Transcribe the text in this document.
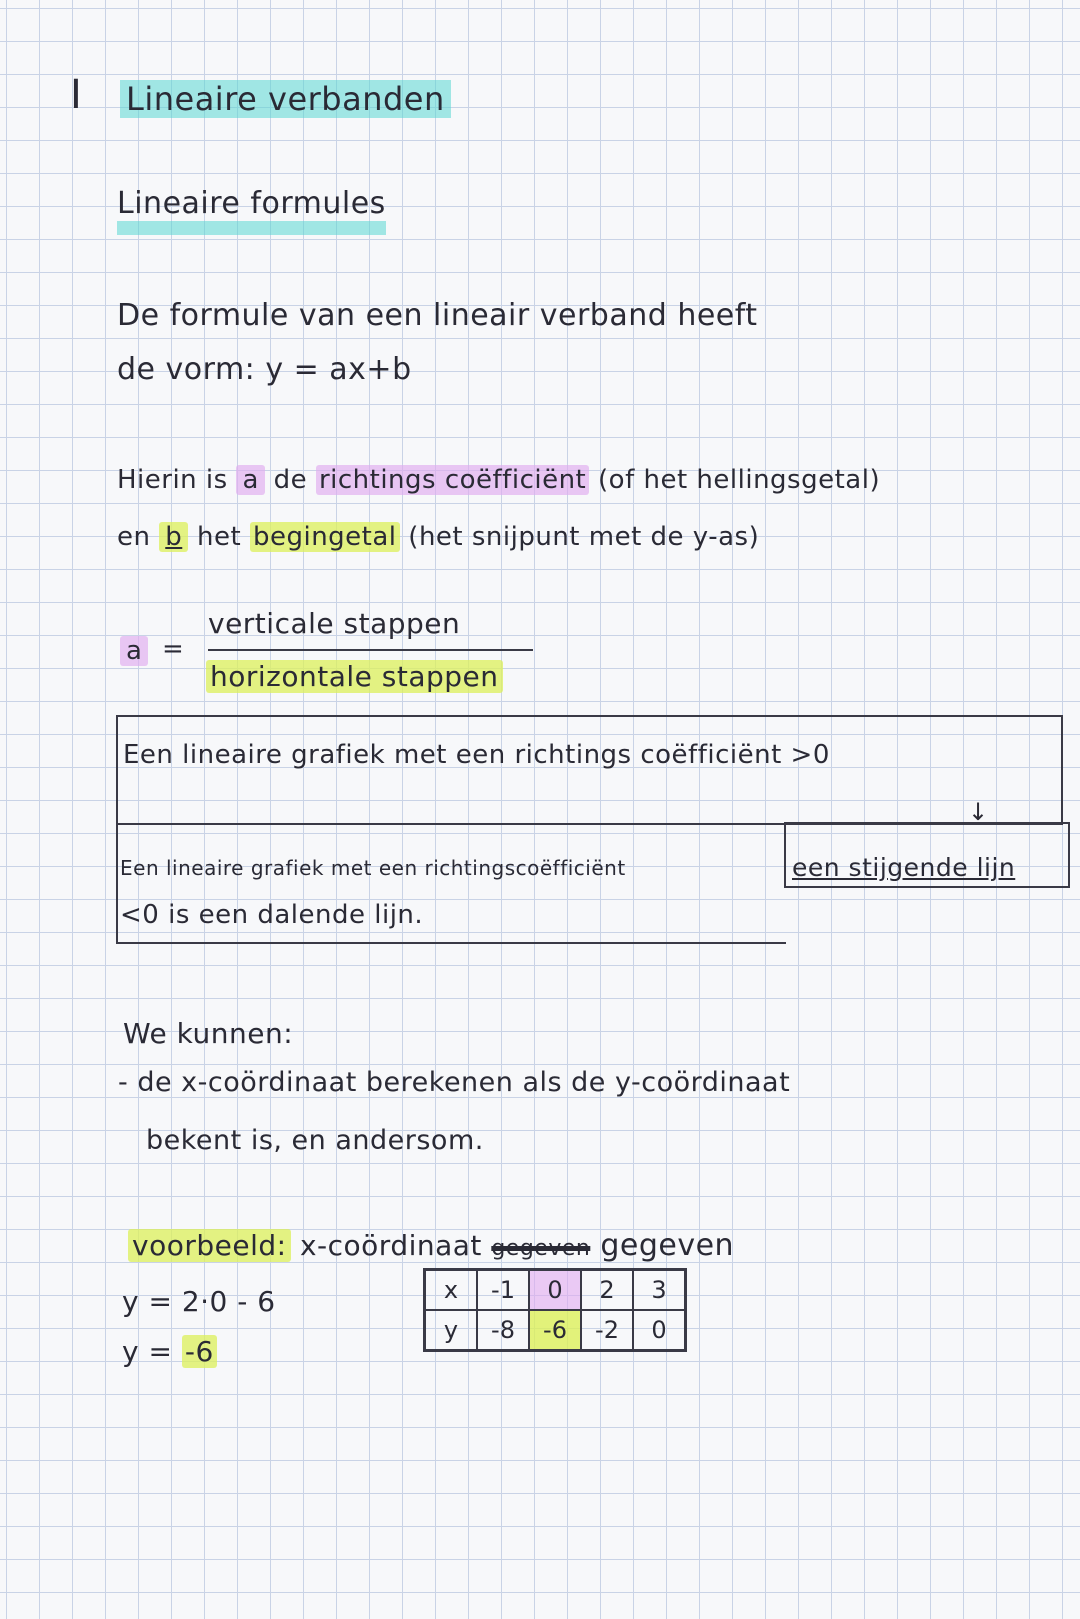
I Lineaire verbanden
Lineaire formules
De formule van een lineair verband heeft
de vorm: y = ax+b
Hierin is a de richtings coëfficiënt (of het hellingsgetal)
en b het begingetal (het snijpunt met de y-as)
a =
verticale stappen
horizontale stappen
Een lineaire grafiek met een richtings coëfficiënt >0
↓
Een lineaire grafiek met een richtingscoëfficiënt	een stijgende lijn
<0 is een dalende lijn.
We kunnen:
- de x-coördinaat berekenen als de y-coördinaat
bekent is, en andersom.
voorbeeld: x-coördinaat gegeven gegeven
y = 2·0 - 6
y = -6
x	-1	0	2	3
y	-8	-6	-2	0
